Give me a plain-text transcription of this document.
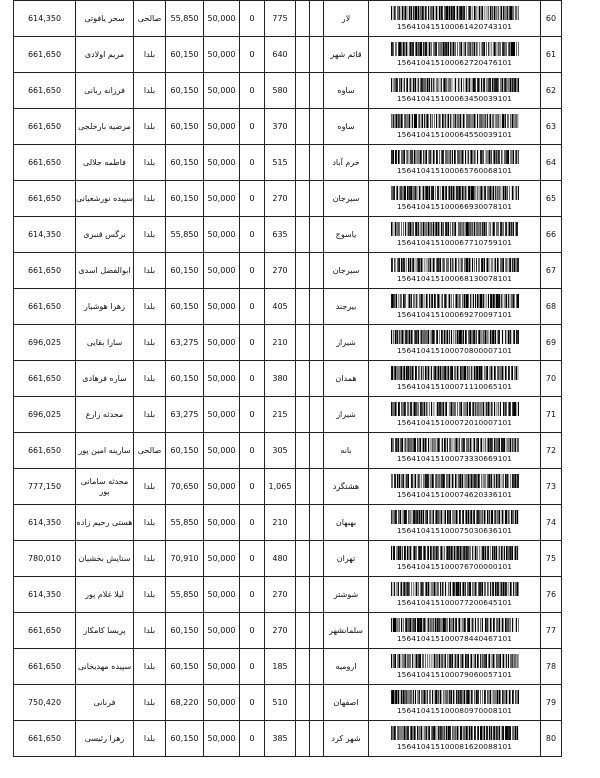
614,350	سحر یافوتی	صالحی	55,850	50,000	0	775			لار	15641041510006142074310​1	60
661,650	مریم اولادی	بلدا	60,150	50,000	0	640			قائم شهر	156410415100062720476101	61
661,650	فرزانه ربانی	بلدا	60,150	50,000	0	580			ساوه	156410415100063450039101	62
661,650	مرضیه بارخلجی	بلدا	60,150	50,000	0	370			ساوه	156410415100064550039101	63
661,650	فاطمه جلالی	بلدا	60,150	50,000	0	515			خرم آباد	156410415100065760068101	64
661,650	سپیده نورشعبانی	بلدا	60,150	50,000	0	270			سیرجان	156410415100066930078101	65
614,350	نرگس قنبری	بلدا	55,850	50,000	0	635			یاسوج	156410415100067710759101	66
661,650	ابوالفضل اسدی	بلدا	60,150	50,000	0	270			سیرجان	156410415100068130078101	67
661,650	زهرا هوشیار	بلدا	60,150	50,000	0	405			بیرجند	156410415100069270097101	68
696,025	سارا بقایی	بلدا	63,275	50,000	0	210			شیراز	156410415100070800007101	69
661,650	ساره فرهادی	بلدا	60,150	50,000	0	380			همدان	156410415100071110065101	70
696,025	محدثه زارع	بلدا	63,275	50,000	0	215			شیراز	156410415100072010007101	71
661,650	سارینه امین پور	صالحی	60,150	50,000	0	305			بانه	156410415100073330669101	72
777,150	محدثه سامانی پور	بلدا	70,650	50,000	0	1,065			هشتگرد	156410415100074620336101	73
614,350	هستی رحیم زاده	بلدا	55,850	50,000	0	210			بهبهان	156410415100075030636101	74
780,010	ستایش بخشیان	بلدا	70,910	50,000	0	480			تهران	156410415100076700000101	75
614,350	لیلا غلام پور	بلدا	55,850	50,000	0	270			شوشتر	156410415100077200645101	76
661,650	پریسا کامکار	بلدا	60,150	50,000	0	270			سلمانشهر	156410415100078440467101	77
661,650	سپیده مهدیخانی	بلدا	60,150	50,000	0	185			ارومیه	156410415100079060057101	78
750,420	فرنانی	بلدا	68,220	50,000	0	510			اصفهان	156410415100080970008101	79
661,650	زهرا رئیسی	بلدا	60,150	50,000	0	385			شهر کرد	156410415100081620088101	80
